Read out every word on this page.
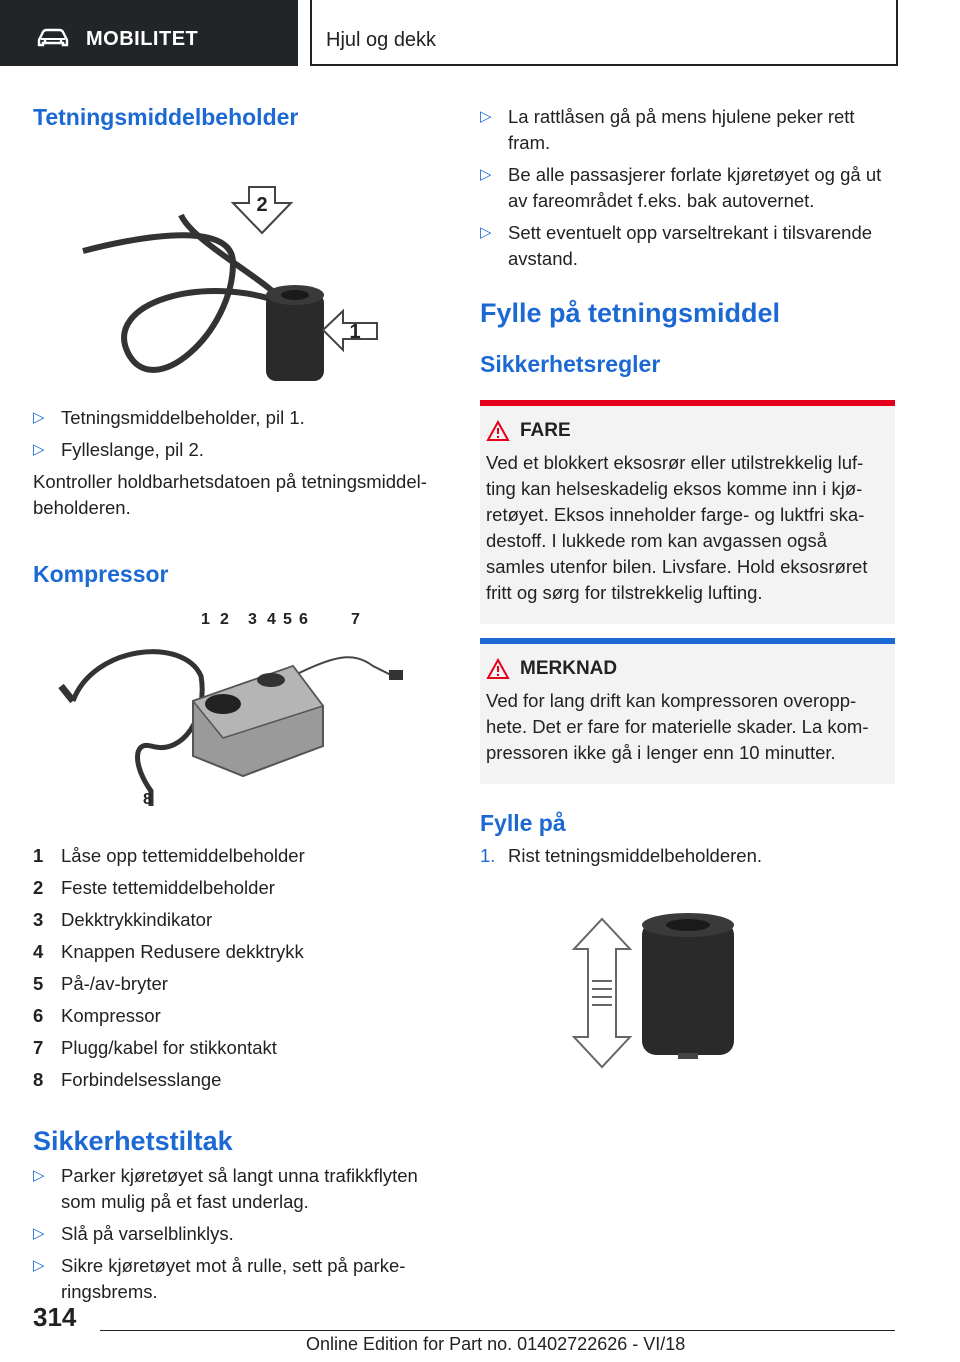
MOBILITET	Hjul og dekk
Tetningsmiddelbeholder
2
1
▷ Tetningsmiddelbeholder, pil 1.
▷ Fylleslange, pil 2.

Kontroller holdbarhetsdatoen på tetningsmiddel‐beholderen.

Kompressor
1 2 3 4 5 6	7
8
1 Låse opp tettemiddelbeholder
2 Feste tettemiddelbeholder
3 Dekktrykkindikator
4 Knappen Redusere dekktrykk
5 På-/av-bryter
6 Kompressor
7 Plugg/kabel for stikkontakt
8 Forbindelsesslange
Sikkerhetstiltak
▷ Parker kjøretøyet så langt unna trafikkflyten som mulig på et fast underlag.
▷ Slå på varselblinklys.
▷ Sikre kjøretøyet mot å rulle, sett på parke‐ringsbrems.
▷ La rattlåsen gå på mens hjulene peker rett fram.
▷ Be alle passasjerer forlate kjøretøyet og gå ut av fareområdet f.eks. bak autovernet.
▷ Sett eventuelt opp varseltrekant i tilsvarende avstand.
Fylle på tetningsmiddel
Sikkerhetsregler
FARE

Ved et blokkert eksosrør eller utilstrekkelig luf‐ting kan helseskadelig eksos komme inn i kjø‐retøyet. Eksos inneholder farge- og luktfri ska‐destoff. I lukkede rom kan avgassen også samles utenfor bilen. Livsfare. Hold eksosrøret fritt og sørg for tilstrekkelig lufting.

MERKNAD

Ved for lang drift kan kompressoren overopp‐hete. Det er fare for materielle skader. La kom‐pressoren ikke gå i lenger enn 10 minutter.

Fylle på
1. Rist tetningsmiddelbeholderen.
314
Online Edition for Part no. 01402722626 - VI/18
